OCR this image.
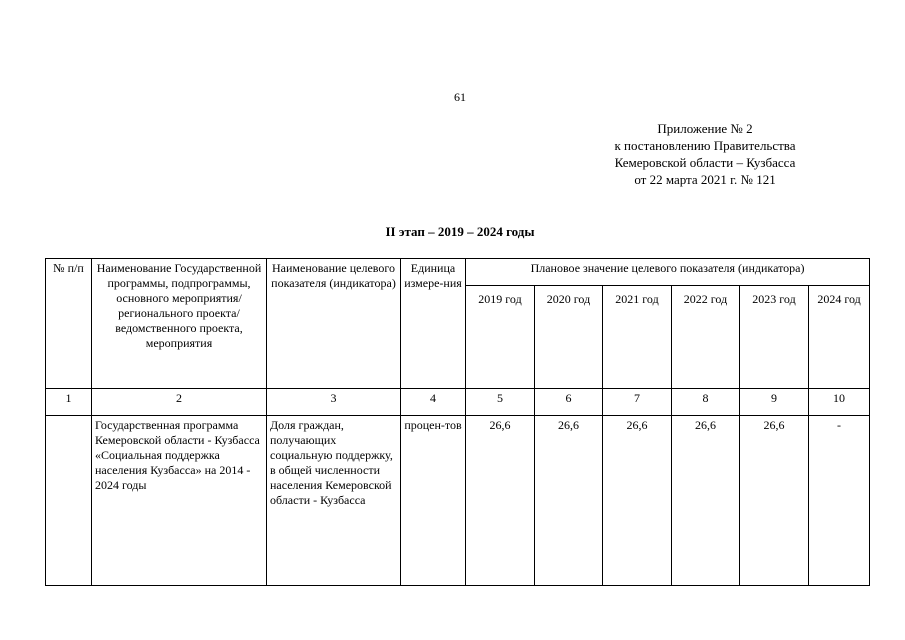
61
Приложение № 2
к постановлению Правительства
Кемеровской области – Кузбасса
от 22 марта 2021 г. № 121
II этап – 2019 – 2024 годы
№ п/п	Наименование Государственной программы, подпрограммы, основного мероприятия/ регионального проекта/ ведомственного проекта, мероприятия	Наименование целевого показателя (индикатора)	Единица измере-ния	Плановое значение целевого показателя (индикатора)					
				2019 год	2020 год	2021 год	2022 год	2023 год	2024 год
1	2	3	4	5	6	7	8	9	10
	Государственная программа Кемеровской области - Кузбасса «Социальная поддержка населения Кузбасса» на 2014 - 2024 годы	Доля граждан, получающих социальную поддержку, в общей численности населения Кемеровской области - Кузбасса	процен-тов	26,6	26,6	26,6	26,6	26,6	-
